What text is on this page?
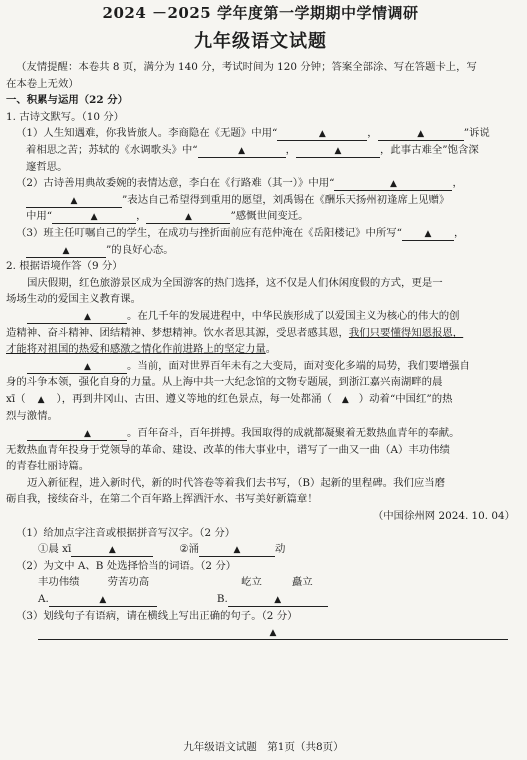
2024 －2025 学年度第一学期期中学情调研
九年级语文试题
（友情提醒：本卷共 8 页，满分为 140 分，考试时间为 120 分钟；答案全部涂、写在答题卡上，写
在本卷上无效）
一、积累与运用（22 分）
1. 古诗文默写。（10 分）
（1）人生知遇难，你我皆旅人。李商隐在《无题》中用“	▲	，	▲	”诉说
着相思之苦；苏轼的《水调歌头》中“	▲	，	▲	，此事古难全”饱含深
邃哲思。
（2）古诗善用典故委婉的表情达意，李白在《行路难（其一）》中用“	▲	，
▲	”表达自己希望得到重用的愿望，刘禹锡在《酬乐天扬州初逢席上见赠》
中用“	▲	，	▲	”感慨世间变迁。
（3）班主任叮嘱自己的学生，在成功与挫折面前应有范仲淹在《岳阳楼记》中所写“	▲ ，
▲	”的良好心态。
2. 根据语境作答（9 分）
国庆假期，红色旅游景区成为全国游客的热门选择，这不仅是人们休闲度假的方式，更是一
场场生动的爱国主义教育课。
▲	。在几千年的发展进程中，中华民族形成了以爱国主义为核心的伟大的创
造精神、奋斗精神、团结精神、梦想精神。饮水者思其源，受思者感其恩，我们只要懂得知恩报恩，
才能将对祖国的热爱和感激之情化作前进路上的坚定力量。
▲	。当前，面对世界百年未有之大变局，面对变化多端的局势，我们要增强自
身的斗争本领，强化自身的力量。从上海中共一大纪念馆的文物专题展，到浙江嘉兴南湖畔的晨
xī（ ▲ ），再到井冈山、古田、遵义等地的红色景点，每一处都涌（ ▲ ）动着“中国红”的热
烈与激情。
▲	。百年奋斗，百年拼搏。我国取得的成就都凝聚着无数热血青年的奉献。
无数热血青年投身于党领导的革命、建设、改革的伟大事业中，谱写了一曲又一曲（A）丰功伟绩
的青春壮丽诗篇。
迈入新征程，进入新时代，新的时代答卷等着我们去书写，（B）起新的里程碑。我们应当磨
砺自我，接续奋斗，在第二个百年路上挥洒汗水、书写美好新篇章！
（中国徐州网 2024. 10. 04）
（1）给加点字注音或根据拼音写汉字。（2 分）
①晨 xī	▲	②涌	▲	动
（2）为文中 A、B 处选择恰当的词语。（2 分）
丰功伟绩	劳苦功高	屹立	矗立
A.	▲	B.	▲
（3）划线句子有语病，请在横线上写出正确的句子。（2 分）
▲
九年级语文试题　第1页（共8页）
